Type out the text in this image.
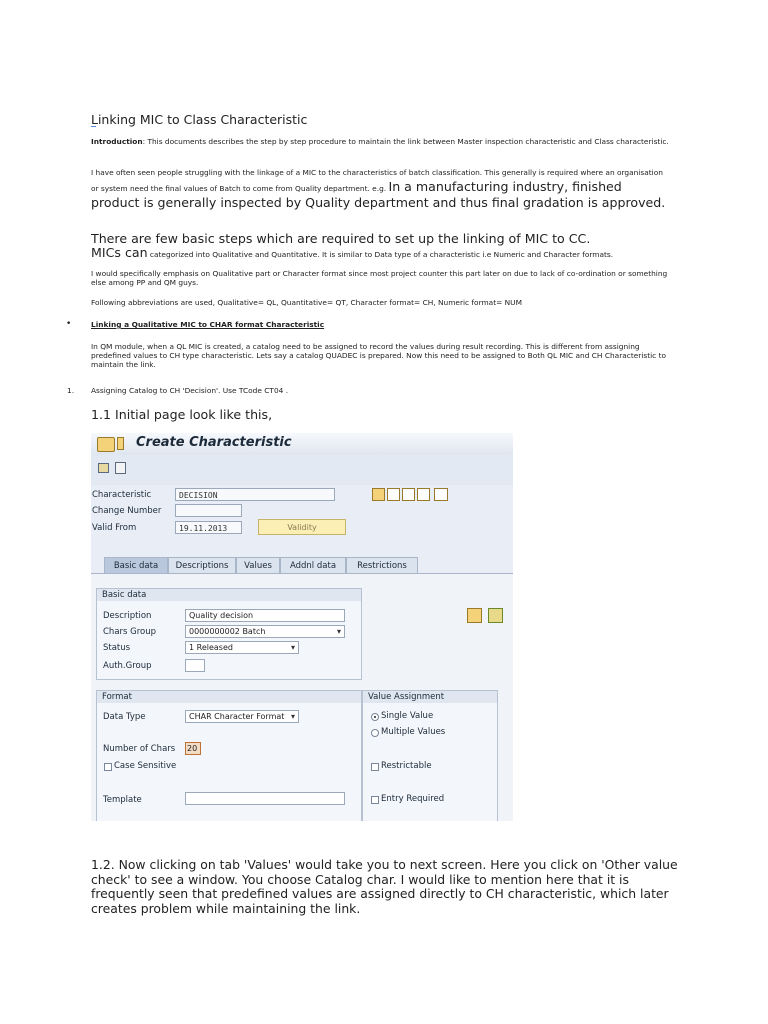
Linking MIC to Class Characteristic
Introduction: This documents describes the step by step procedure to maintain the link between Master inspection characteristic and Class characteristic.
I have often seen people struggling with the linkage of a MIC to the characteristics of batch classification. This generally is required where an organisation or system need the final values of Batch to come from Quality department. e.g. In a manufacturing industry, finished product is generally inspected by Quality department and thus final gradation is approved.
There are few basic steps which are required to set up the linking of MIC to CC.
MICs can categorized into Qualitative and Quantitative. It is similar to Data type of a characteristic i.e Numeric and Character formats.
I would specifically emphasis on Qualitative part or Character format since most project counter this part later on due to lack of co-ordination or something else among PP and QM guys.
Following abbreviations are used, Qualitative= QL, Quantitative= QT, Character format= CH, Numeric format= NUM
•	Linking a Qualitative MIC to CHAR format Characteristic
In QM module, when a QL MIC is created, a catalog need to be assigned to record the values during result recording. This is different from assigning predefined values to CH type characteristic. Lets say a catalog QUADEC is prepared. Now this need to be assigned to Both QL MIC and CH Characteristic to maintain the link.
1. Assigning Catalog to CH 'Decision'. Use TCode CT04 .
1.1 Initial page look like this,
Create Characteristic
Characteristic	DECISION
Change Number
Valid From	19.11.2013	Validity
Basic data	Descriptions	Values	Addnl data	Restrictions
Basic data
Description	Quality decision
Chars Group	0000000002 Batch ▾
Status	1 Released ▾
Auth.Group
Format
Data Type	CHAR Character Format ▾
Number of Chars 20
Case Sensitive
Template
Value Assignment
Single Value
Multiple Values
Restrictable
Entry Required
1.2. Now clicking on tab 'Values' would take you to next screen. Here you click on 'Other value check' to see a window. You choose Catalog char. I would like to mention here that it is frequently seen that predefined values are assigned directly to CH characteristic, which later creates problem while maintaining the link.
